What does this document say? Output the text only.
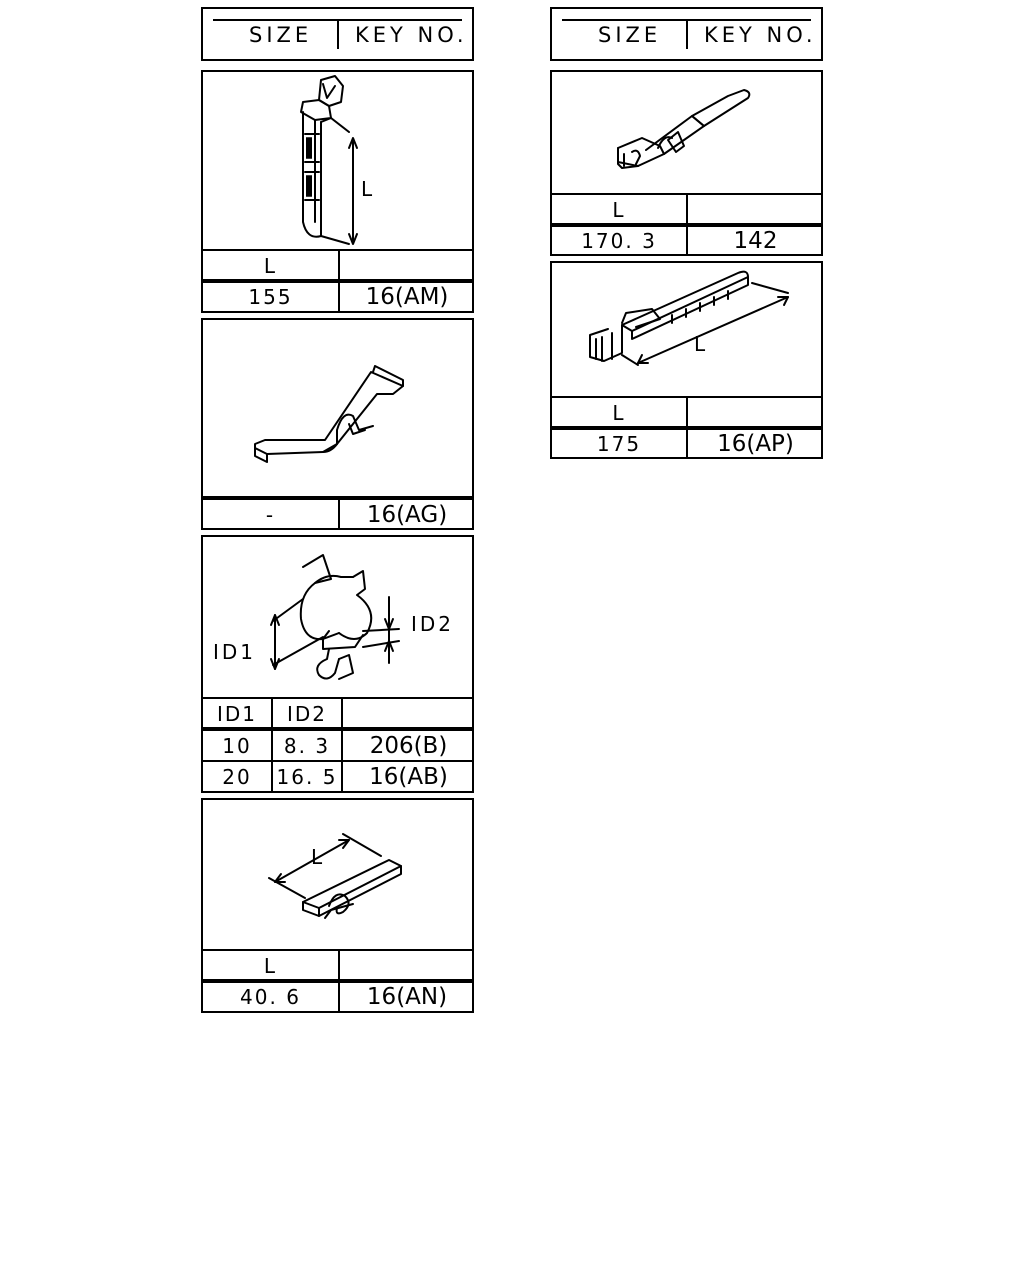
SIZE KEY NO.	SIZE KEY NO.
L
L
155	16(AM)
-	16(AG)
ID1
ID2
ID1	ID2
10	8. 3	206(B)
20	16. 5	16(AB)
L
L
40. 6	16(AN)
L
170. 3	142
L
L
175	16(AP)
